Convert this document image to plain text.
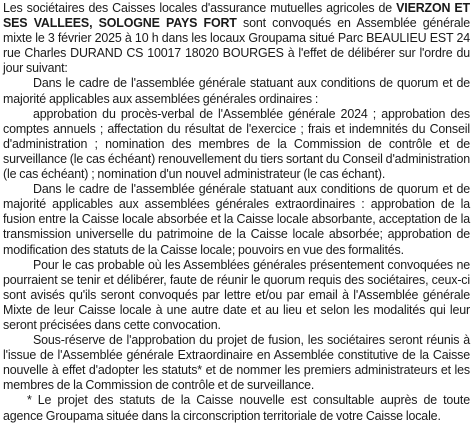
Les sociétaires des Caisses locales d'assurance mutuelles agricoles de VIERZON ET SES VALLEES, SOLOGNE PAYS FORT sont convoqués en Assemblée générale mixte le 3 février 2025 à 10 h dans les locaux Groupama situé Parc BEAULIEU EST 24 rue Charles DURAND CS 10017 18020 BOURGES à l'effet de délibérer sur l'ordre du jour suivant:

Dans le cadre de l'assemblée générale statuant aux conditions de quorum et de majorité applicables aux assemblées générales ordinaires :

approbation du procès-verbal de l'Assemblée générale 2024 ; approbation des comptes annuels ; affectation du résultat de l'exercice ; frais et indemnités du Conseil d'administration ; nomination des membres de la Commission de contrôle et de surveillance (le cas échéant) renouvellement du tiers sortant du Conseil d'administration (le cas échéant) ; nomination d'un nouvel administrateur (le cas échant).

Dans le cadre de l'assemblée générale statuant aux conditions de quorum et de majorité applicables aux assemblées générales extraordinaires : approbation de la fusion entre la Caisse locale absorbée et la Caisse locale absorbante, acceptation de la transmission universelle du patrimoine de la Caisse locale absorbée; approbation de modification des statuts de la Caisse locale; pouvoirs en vue des formalités.

Pour le cas probable où les Assemblées générales présentement convoquées ne pourraient se tenir et délibérer, faute de réunir le quorum requis des sociétaires, ceux-ci sont avisés qu'ils seront convoqués par lettre et/ou par email à l'Assemblée générale Mixte de leur Caisse locale à une autre date et au lieu et selon les modalités qui leur seront précisées dans cette convocation.

Sous-réserve de l'approbation du projet de fusion, les sociétaires seront réunis à l'issue de l'Assemblée générale Extraordinaire en Assemblée constitutive de la Caisse nouvelle à effet d'adopter les statuts* et de nommer les premiers administrateurs et les membres de la Commission de contrôle et de surveillance.

* Le projet des statuts de la Caisse nouvelle est consultable auprès de toute agence Groupama située dans la circonscription territoriale de votre Caisse locale.
